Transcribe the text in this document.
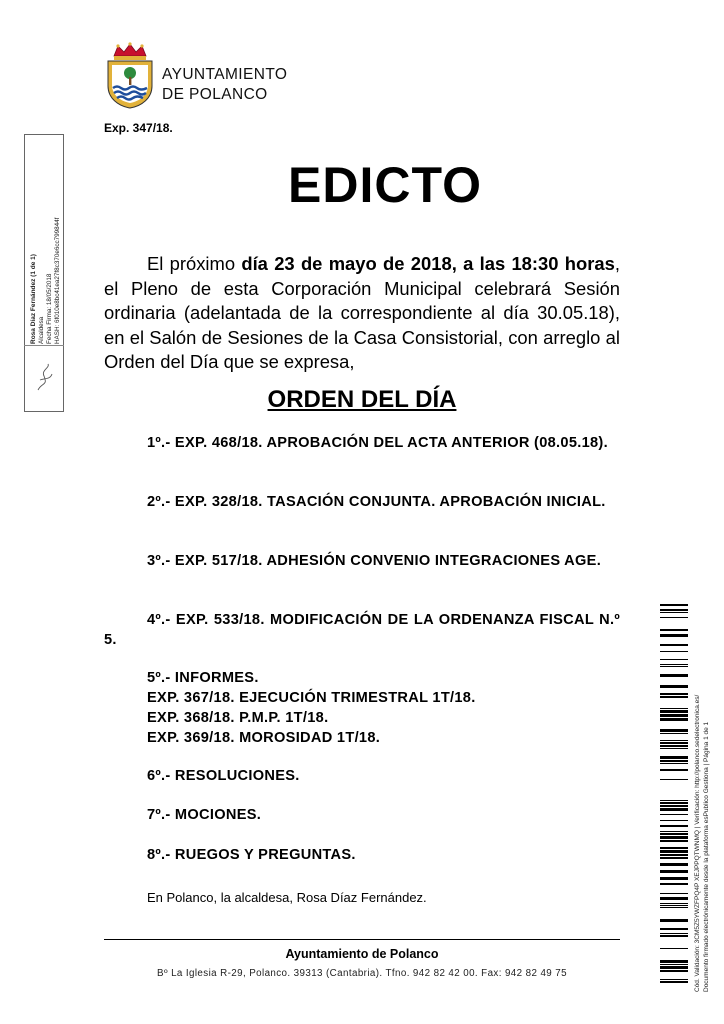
AYUNTAMIENTO
DE POLANCO
Exp. 347/18.
EDICTO
El próximo día 23 de mayo de 2018, a las 18:30 horas, el Pleno de esta Corporación Municipal celebrará Sesión ordinaria (adelantada de la correspondiente al día 30.05.18), en el Salón de Sesiones de la Casa Consistorial, con arreglo al Orden del Día que se expresa,
ORDEN DEL DÍA
1º.- EXP. 468/18. APROBACIÓN DEL ACTA ANTERIOR (08.05.18).
2º.- EXP. 328/18. TASACIÓN CONJUNTA. APROBACIÓN INICIAL.
3º.- EXP. 517/18. ADHESIÓN CONVENIO INTEGRACIONES AGE.
4º.- EXP. 533/18. MODIFICACIÓN DE LA ORDENANZA FISCAL N.º 5.
5º.- INFORMES.
EXP. 367/18. EJECUCIÓN TRIMESTRAL 1T/18.
EXP. 368/18. P.M.P. 1T/18.
EXP. 369/18. MOROSIDAD 1T/18.
6º.- RESOLUCIONES.
7º.- MOCIONES.
8º.- RUEGOS Y PREGUNTAS.
En Polanco, la alcaldesa, Rosa Díaz Fernández.
Ayuntamiento de Polanco
Bº La Iglesia R-29, Polanco. 39313 (Cantabria). Tfno. 942 82 42 00. Fax: 942 82 49 75
Rosa Díaz Fernández (1 de 1) Alcaldesa Fecha Firma: 18/05/2018 HASH: 6f010e8bc41ea27f8c370e6cc799844f
Cód. Validación: 3CM5Z5YWZFPQ4P XEJPPQTWNMQ | Verificación: http://polanco.sedelectronica.es/ Documento firmado electrónicamente desde la plataforma esPublico Gestiona | Página 1 de 1
